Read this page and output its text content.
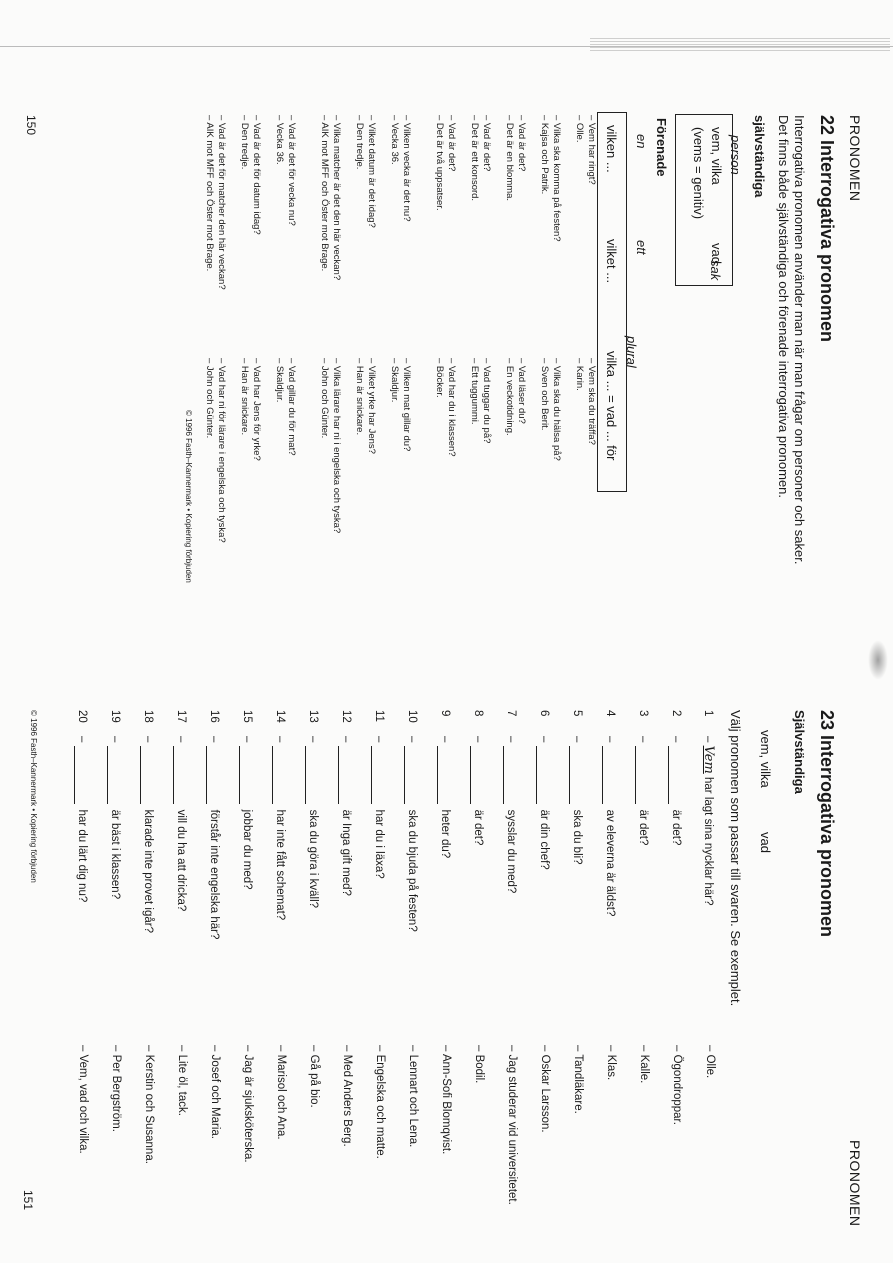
PRONOMEN
22 Interrogativa pronomen
Interrogativa pronomen använder man när man frågar om personer och saker.
Det finns både självständiga och förenade interrogativa pronomen.
självständiga
person
sak
vem, vilka
(vems = genitiv)
vad
Förenade
en
ett
plural
vilken ...
vilket ...
vilka ... = vad ... för
– Vem har ringt?
– Olle.
– Vem ska du träffa?
– Karin.
– Vilka ska komma på festen?
– Kajsa och Patrik.
– Vilka ska du hälsa på?
– Sven och Berit.
– Vad är det?
– Det är en blomma.
– Vad läser du?
– En veckotidning.
– Vad är det?
– Det är ett konsord.
– Vad tuggar du på?
– Ett tuggummi.
– Vad är det?
– Det är två uppsatser.
– Vad har du i klassen?
– Böcker.
– Vilken vecka är det nu?
– Vecka 36.
– Vilken mat gillar du?
– Skaldjur.
– Vilket datum är det idag?
– Den tredje.
– Vilket yrke har Jens?
– Han är snickare.
– Vilka matcher är det den här veckan?
– AIK mot MFF och Öster mot Brage.
– Vilka lärare har ni i engelska och tyska?
– John och Günter.
– Vad är det för vecka nu?
– Vecka 36.
– Vad gillar du för mat?
– Skaldjur.
– Vad är det för datum idag?
– Den tredje.
– Vad har Jens för yrke?
– Han är snickare.
– Vad är det för matcher den här veckan?
– AIK mot MFF och Öster mot Brage.
– Vad har ni för lärare i engelska och tyska?
– John och Günter.
© 1996 Fasth–Kannermark • Kopiering förbjuden
150
23 Interrogativa pronomen
Självständiga
vem, vilka
vad
Välj pronomen som passar till svaren. Se exemplet.
1– Vem har lagt sina nycklar här?
– Olle.
2– är det?
– Ögondroppar.
3– är det?
– Kalle.
4– av eleverna är äldst?
– Klas.
5– ska du bli?
– Tandläkare.
6– är din chef?
– Oskar Larsson.
7– sysslar du med?
– Jag studerar vid universitetet.
8– är det?
– Bodil.
9– heter du?
– Ann-Sofi Blomqvist.
10– ska du bjuda på festen?
– Lennart och Lena.
11– har du i läxa?
– Engelska och matte.
12– är Inga gift med?
– Med Anders Berg.
13– ska du göra i kväll?
– Gå på bio.
14– har inte fått schemat?
– Marisol och Ana.
15– jobbar du med?
– Jag är sjuksköterska.
16– förstår inte engelska här?
– Josef och Maria.
17– vill du ha att dricka?
– Lite öl, tack.
18– klarade inte provet igår?
– Kerstin och Susanna.
19– är bäst i klassen?
– Per Bergström.
20– har du lärt dig nu?
– Vem, vad och vilka.
© 1996 Fasth–Kannermark • Kopiering förbjuden
PRONOMEN
151
